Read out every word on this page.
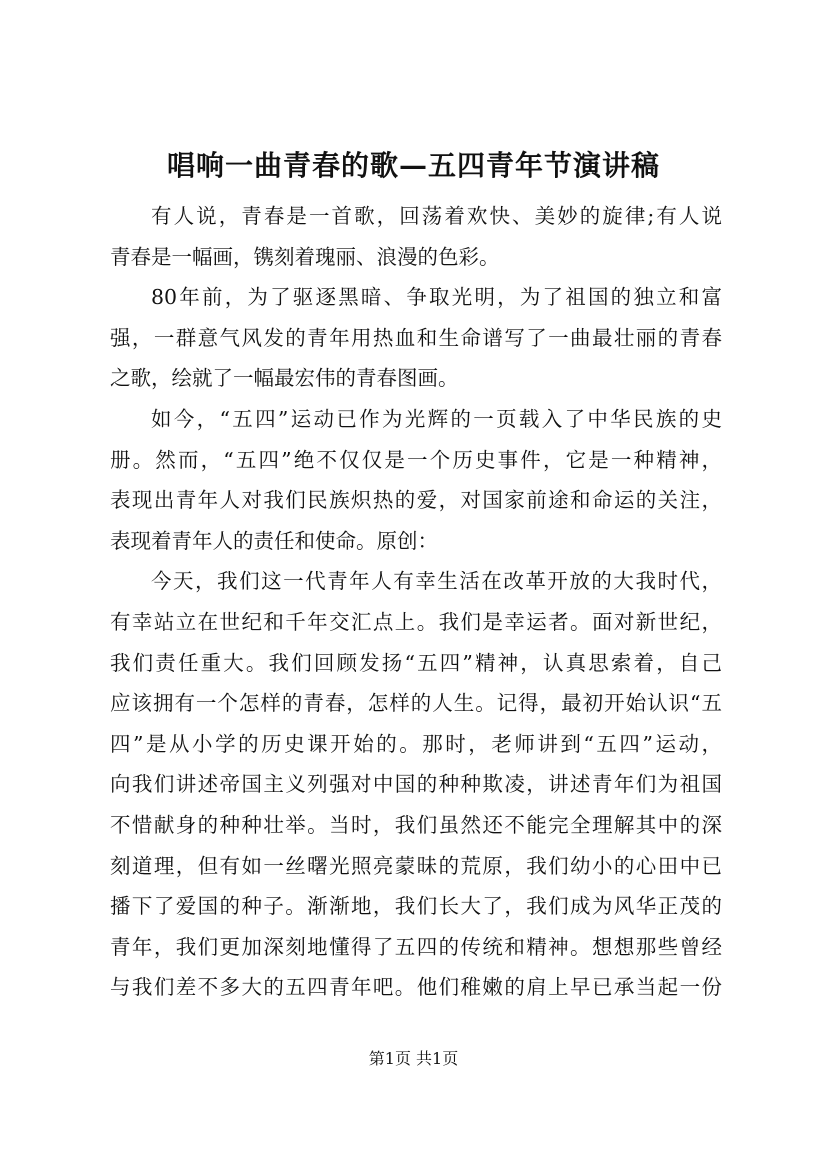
唱响一曲青春的歌—五四青年节演讲稿
有人说，青春是一首歌，回荡着欢快、美妙的旋律;有人说
青春是一幅画，镌刻着瑰丽、浪漫的色彩。
80年前，为了驱逐黑暗、争取光明，为了祖国的独立和富
强，一群意气风发的青年用热血和生命谱写了一曲最壮丽的青春
之歌，绘就了一幅最宏伟的青春图画。
如今，“五四”运动已作为光辉的一页载入了中华民族的史
册。然而，“五四”绝不仅仅是一个历史事件，它是一种精神，
表现出青年人对我们民族炽热的爱，对国家前途和命运的关注，
表现着青年人的责任和使命。原创：
今天，我们这一代青年人有幸生活在改革开放的大我时代，
有幸站立在世纪和千年交汇点上。我们是幸运者。面对新世纪，
我们责任重大。我们回顾发扬“五四”精神，认真思索着，自己
应该拥有一个怎样的青春，怎样的人生。记得，最初开始认识“五
四”是从小学的历史课开始的。那时，老师讲到“五四”运动，
向我们讲述帝国主义列强对中国的种种欺凌，讲述青年们为祖国
不惜献身的种种壮举。当时，我们虽然还不能完全理解其中的深
刻道理，但有如一丝曙光照亮蒙昧的荒原，我们幼小的心田中已
播下了爱国的种子。渐渐地，我们长大了，我们成为风华正茂的
青年，我们更加深刻地懂得了五四的传统和精神。想想那些曾经
与我们差不多大的五四青年吧。他们稚嫩的肩上早已承当起一份
第1页 共1页
